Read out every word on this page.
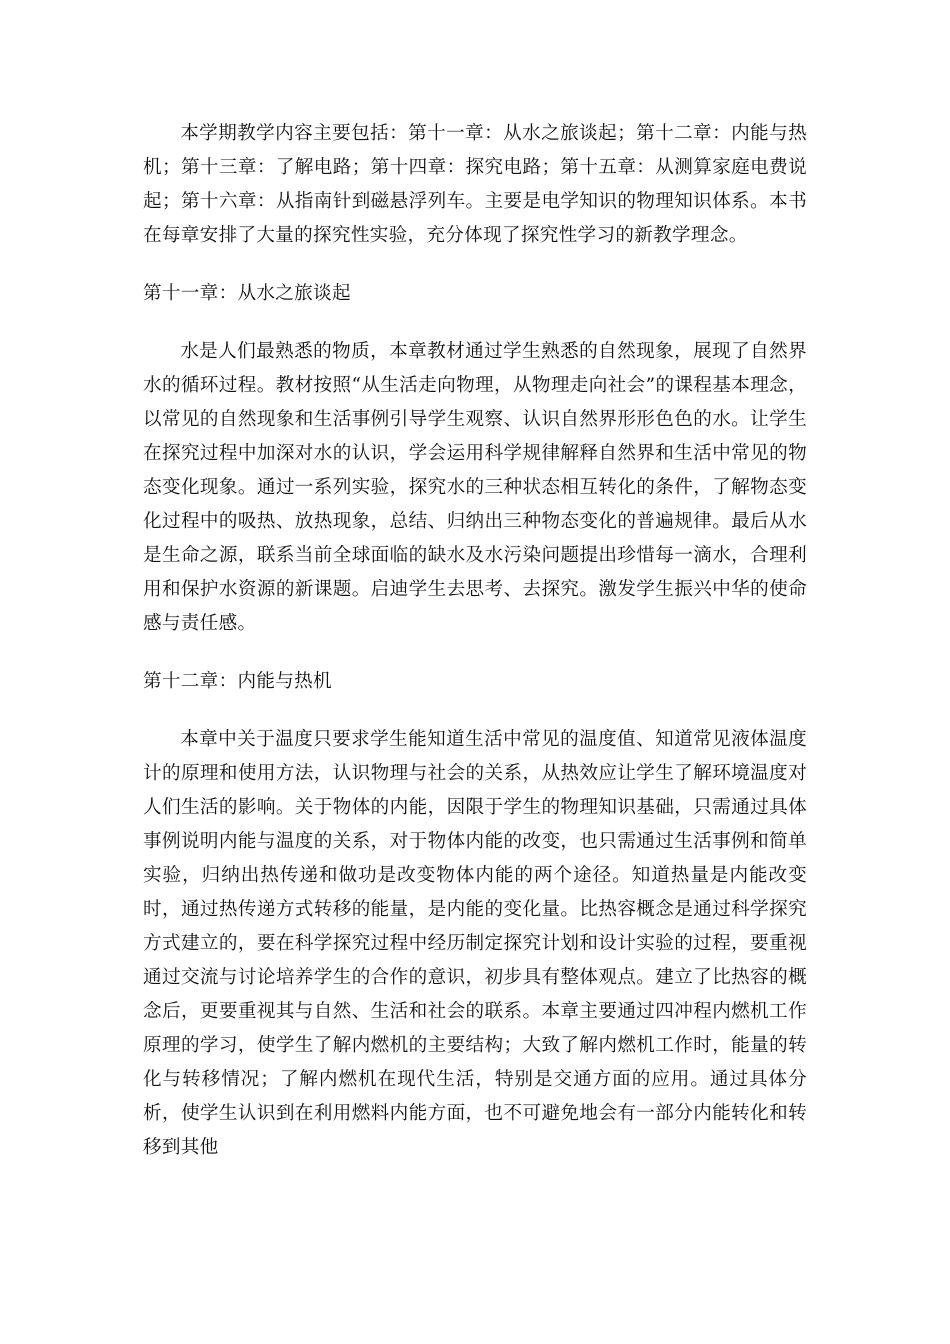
本学期教学内容主要包括：第十一章：从水之旅谈起；第十二章：内能与热机；第十三章：了解电路；第十四章：探究电路；第十五章：从测算家庭电费说起；第十六章：从指南针到磁悬浮列车。主要是电学知识的物理知识体系。本书在每章安排了大量的探究性实验，充分体现了探究性学习的新教学理念。

第十一章：从水之旅谈起

水是人们最熟悉的物质，本章教材通过学生熟悉的自然现象，展现了自然界水的循环过程。教材按照“从生活走向物理，从物理走向社会”的课程基本理念，以常见的自然现象和生活事例引导学生观察、认识自然界形形色色的水。让学生在探究过程中加深对水的认识，学会运用科学规律解释自然界和生活中常见的物态变化现象。通过一系列实验，探究水的三种状态相互转化的条件，了解物态变化过程中的吸热、放热现象，总结、归纳出三种物态变化的普遍规律。最后从水是生命之源，联系当前全球面临的缺水及水污染问题提出珍惜每一滴水，合理利用和保护水资源的新课题。启迪学生去思考、去探究。激发学生振兴中华的使命感与责任感。

第十二章：内能与热机

本章中关于温度只要求学生能知道生活中常见的温度值、知道常见液体温度计的原理和使用方法，认识物理与社会的关系，从热效应让学生了解环境温度对人们生活的影响。关于物体的内能，因限于学生的物理知识基础，只需通过具体事例说明内能与温度的关系，对于物体内能的改变，也只需通过生活事例和简单实验，归纳出热传递和做功是改变物体内能的两个途径。知道热量是内能改变时，通过热传递方式转移的能量，是内能的变化量。比热容概念是通过科学探究方式建立的，要在科学探究过程中经历制定探究计划和设计实验的过程，要重视通过交流与讨论培养学生的合作的意识，初步具有整体观点。建立了比热容的概念后，更要重视其与自然、生活和社会的联系。本章主要通过四冲程内燃机工作原理的学习，使学生了解内燃机的主要结构；大致了解内燃机工作时，能量的转化与转移情况；了解内燃机在现代生活，特别是交通方面的应用。通过具体分析，使学生认识到在利用燃料内能方面，也不可避免地会有一部分内能转化和转移到其他
